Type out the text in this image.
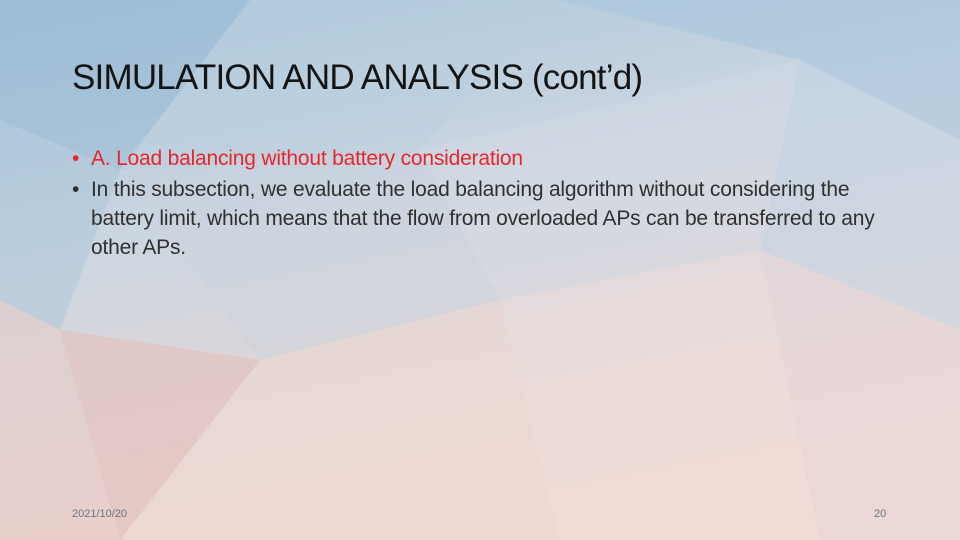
SIMULATION AND ANALYSIS (cont’d)
• A. Load balancing without battery consideration
• In this subsection, we evaluate the load balancing algorithm without considering the battery limit, which means that the flow from overloaded APs can be transferred to any other APs.
2021/10/20	20
